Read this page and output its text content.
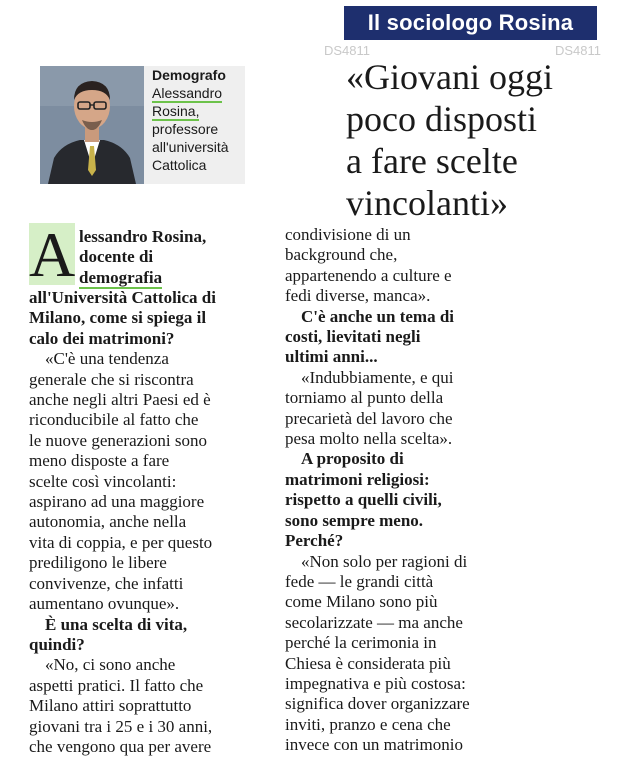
Il sociologo Rosina
DS4811	DS4811
«Giovani oggi
poco disposti
a fare scelte
vincolanti»
Demografo
Alessandro
Rosina,
professore
all'università
Cattolica
A lessandro Rosina,
docente di
demografia
all'Università Cattolica di
Milano, come si spiega il
calo dei matrimoni?
«C'è una tendenza
generale che si riscontra
anche negli altri Paesi ed è
riconducibile al fatto che
le nuove generazioni sono
meno disposte a fare
scelte così vincolanti:
aspirano ad una maggiore
autonomia, anche nella
vita di coppia, e per questo
prediligono le libere
convivenze, che infatti
aumentano ovunque».
È una scelta di vita,
quindi?
«No, ci sono anche
aspetti pratici. Il fatto che
Milano attiri soprattutto
giovani tra i 25 e i 30 anni,
che vengono qua per avere
condivisione di un
background che,
appartenendo a culture e
fedi diverse, manca».
C'è anche un tema di
costi, lievitati negli
ultimi anni...
«Indubbiamente, e qui
torniamo al punto della
precarietà del lavoro che
pesa molto nella scelta».
A proposito di
matrimoni religiosi:
rispetto a quelli civili,
sono sempre meno.
Perché?
«Non solo per ragioni di
fede — le grandi città
come Milano sono più
secolarizzate — ma anche
perché la cerimonia in
Chiesa è considerata più
impegnativa e più costosa:
significa dover organizzare
inviti, pranzo e cena che
invece con un matrimonio
